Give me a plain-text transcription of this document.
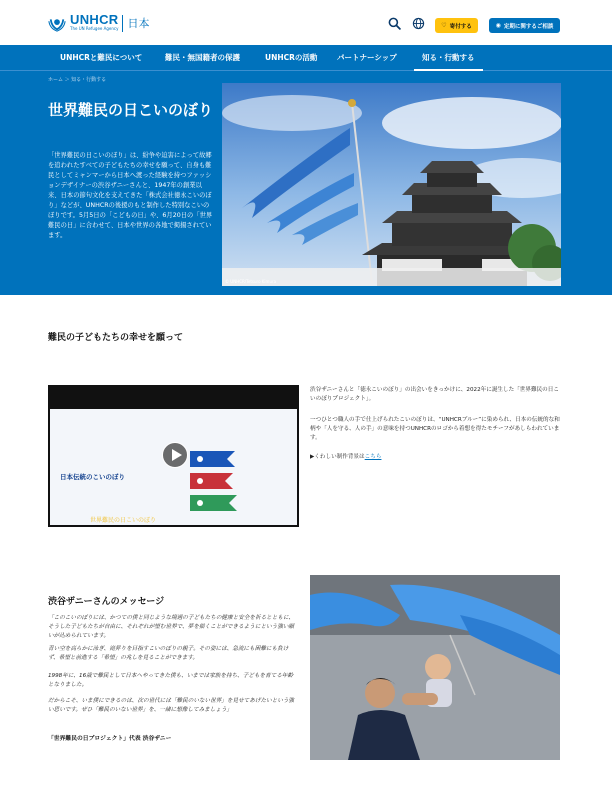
UNHCR
The UN Refugee Agency 日本	♡ 寄付する	◉ 定期に関するご相談
UNHCRと難民について	難民・無国籍者の保護	UNHCRの活動	パートナーシップ	知る・行動する
ホーム ＞ 知る・行動する
世界難民の日こいのぼり
「世界難民の日こいのぼり」は、紛争や迫害によって故郷を追われたすべての子どもたちの幸せを願って、自身も難民としてミャンマーから日本へ渡った経験を持つファッションデザイナーの渋谷ザニーさんと、1947年の創業以来、日本の節句文化を支えてきた「株式会社徳永こいのぼり」などが、UNHCRの後援のもと制作した特別なこいのぼりです。5月5日の「こどもの日」や、6月20日の「世界難民の日」に合わせて、日本や世界の各地で掲揚されています。
© UNHCR/Tetsuro Kimura
難民の子どもたちの幸せを願って
日本伝統のこいのぼり
世界難民の日こいのぼり
渋谷ザニーさんと「徳永こいのぼり」の出会いをきっかけに、2022年に誕生した「世界難民の日こいのぼりプロジェクト」。
一つひとつ職人の手で仕上げられたこいのぼりは、“UNHCRブルー”に染められ、日本の伝統的な和柄や「人を守る、人の手」の意味を持つUNHCRのロゴから着想を得たモチーフがあしらわれています。
▶くわしい制作背景はこちら
渋谷ザニーさんのメッセージ
「このこいのぼりには、かつての僕と同じような境遇の子どもたちの健康と安全を祈るとともに、そうした子どもたちが自由に、それぞれが望む世界で、夢を描くことができるようにという強い願いが込められています。
青い空を高らかに泳ぎ、滝昇りを目指すこいのぼりの親子。その姿には、急流にも困難にも負けず、希望と前進する「希望」の兆しを見ることができます。
1998年に、16歳で難民として日本へやってきた僕も、いまでは家族を持ち、子どもを育てる年齢となりました。
だからこそ、いま僕にできるのは、次の世代には「難民のいない世界」を見せてあげたいという強い思いです。ぜひ「難民のいない世界」を、一緒に想像してみましょう」
「世界難民の日プロジェクト」代表 渋谷ザニー
